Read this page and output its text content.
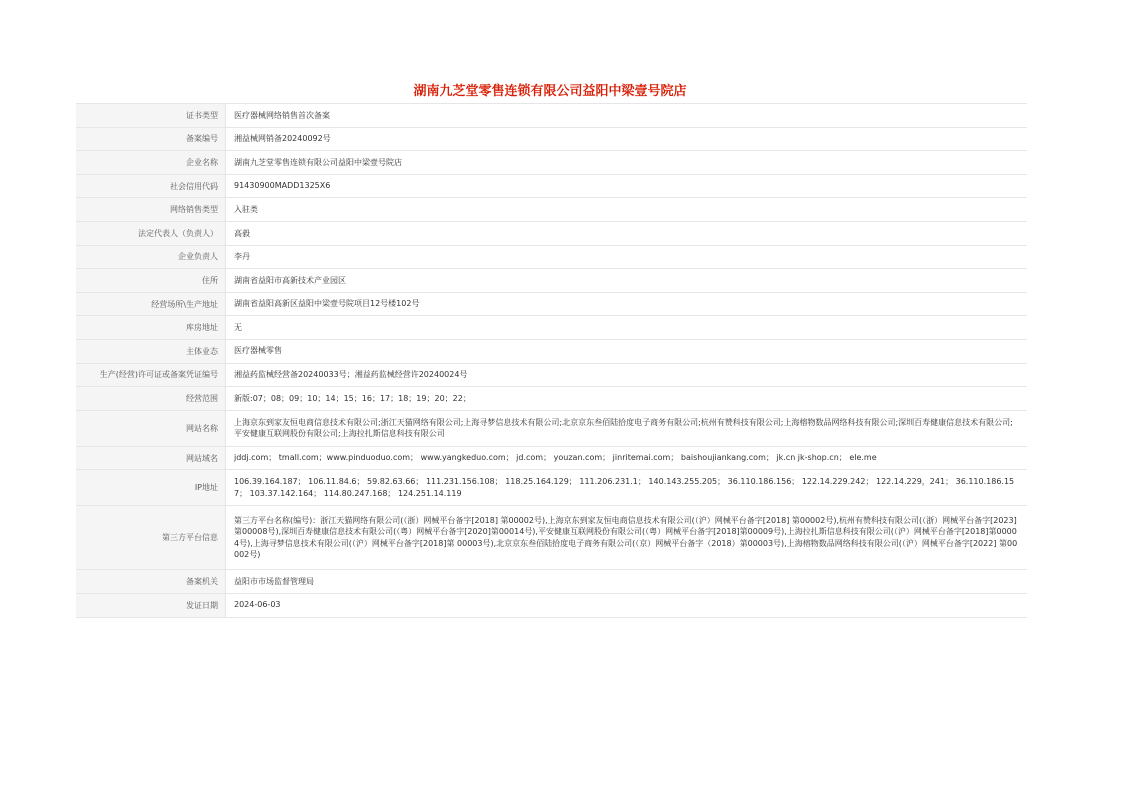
湖南九芝堂零售连锁有限公司益阳中梁壹号院店
证书类型	医疗器械网络销售首次备案
备案编号	湘益械网销备20240092号
企业名称	湖南九芝堂零售连锁有限公司益阳中梁壹号院店
社会信用代码	91430900MADD1325X6
网络销售类型	入驻类
法定代表人（负责人）	高毅
企业负责人	李丹
住所	湖南省益阳市高新技术产业园区
经营场所\生产地址	湖南省益阳高新区益阳中梁壹号院项目12号楼102号
库房地址	无
主体业态	医疗器械零售
生产(经营)许可证或备案凭证编号	湘益药监械经营备20240033号；湘益药监械经营许20240024号
经营范围	新版:07；08；09；10；14；15；16；17；18；19；20；22；
网站名称	上海京东到家友恒电商信息技术有限公司;浙江天猫网络有限公司;上海寻梦信息技术有限公司;北京京东叁佰陆拾度电子商务有限公司;杭州有赞科技有限公司;上海榕物数品网络科技有限公司;深圳百寿健康信息技术有限公司;平安健康互联网股份有限公司;上海拉扎斯信息科技有限公司
网站域名	jddj.com； tmall.com；www.pinduoduo.com； www.yangkeduo.com； jd.com； youzan.com； jinritemai.com； baishoujiankang.com； jk.cn jk-shop.cn； ele.me
IP地址	106.39.164.187； 106.11.84.6； 59.82.63.66； 111.231.156.108； 118.25.164.129； 111.206.231.1； 140.143.255.205； 36.110.186.156； 122.14.229.242； 122.14.229，241； 36.110.186.157； 103.37.142.164； 114.80.247.168； 124.251.14.119
第三方平台信息	第三方平台名称(编号)：浙江天猫网络有限公司(（浙）网械平台备字[2018] 第00002号),上海京东到家友恒电商信息技术有限公司(（沪）网械平台备字[2018] 第00002号),杭州有赞科技有限公司(（浙）网械平台备字[2023] 第00008号),深圳百寿健康信息技术有限公司(（粤）网械平台备字[2020]第00014号),平安健康互联网股份有限公司(（粤）网械平台备字[2018]第00009号),上海拉扎斯信息科技有限公司(（沪）网械平台备字[2018]第00004号),上海寻梦信息技术有限公司(（沪）网械平台备字[2018]第 00003号),北京京东叁佰陆拾度电子商务有限公司(（京）网械平台备字（2018）第00003号),上海榕物数品网络科技有限公司(（沪）网械平台备字[2022] 第00002号)
备案机关	益阳市市场监督管理局
发证日期	2024-06-03
